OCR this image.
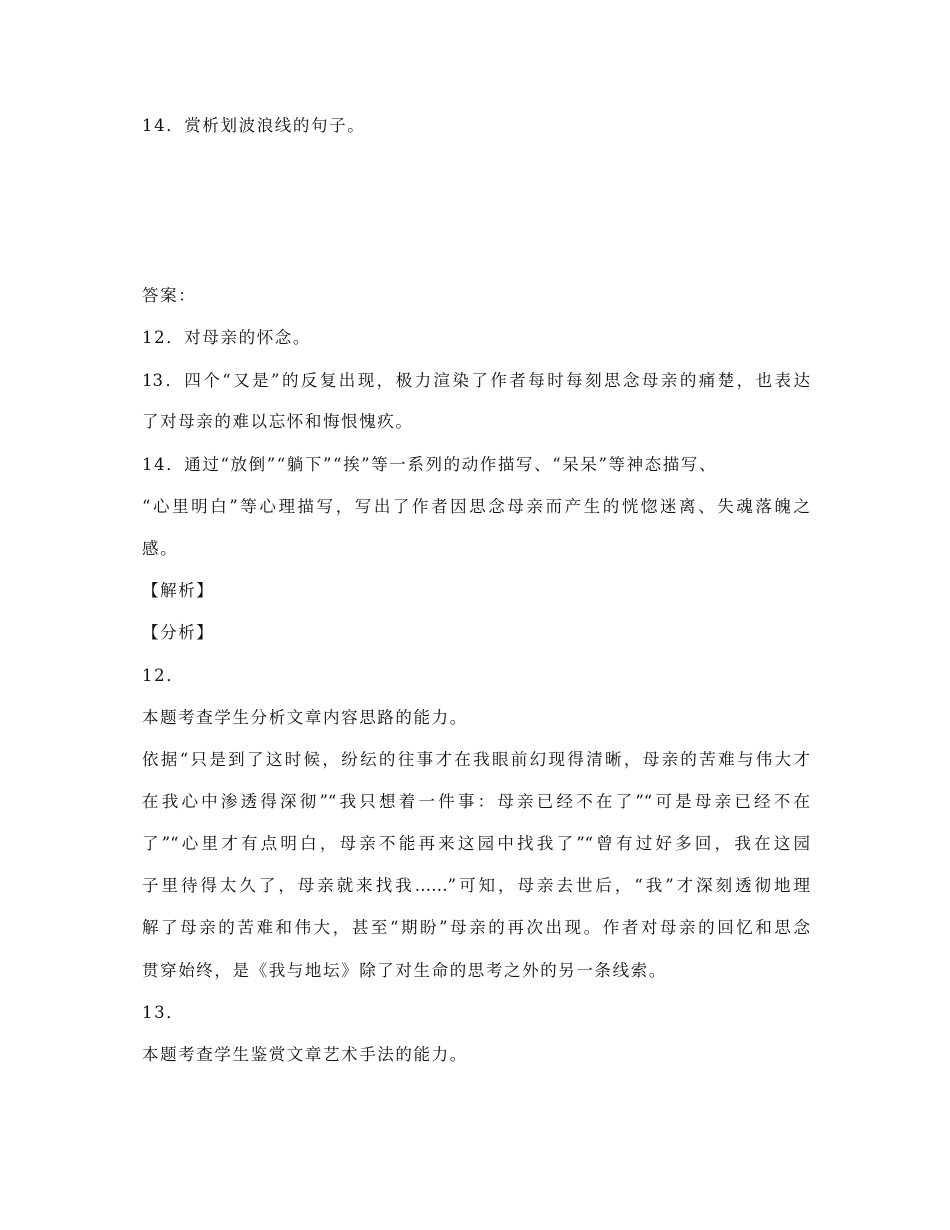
14．赏析划波浪线的句子。
答案：
12．对母亲的怀念。
13．四个“又是”的反复出现，极力渲染了作者每时每刻思念母亲的痛楚，也表达
了对母亲的难以忘怀和悔恨愧疚。
14．通过“放倒”“躺下”“挨”等一系列的动作描写、“呆呆”等神态描写、
“心里明白”等心理描写，写出了作者因思念母亲而产生的恍惚迷离、失魂落魄之
感。
【解析】
【分析】
12．
本题考查学生分析文章内容思路的能力。
依据“只是到了这时候，纷纭的往事才在我眼前幻现得清晰，母亲的苦难与伟大才
在我心中渗透得深彻”“我只想着一件事：母亲已经不在了”“可是母亲已经不在
了”“心里才有点明白，母亲不能再来这园中找我了”“曾有过好多回，我在这园
子里待得太久了，母亲就来找我……”可知，母亲去世后，“我”才深刻透彻地理
解了母亲的苦难和伟大，甚至“期盼”母亲的再次出现。作者对母亲的回忆和思念
贯穿始终，是《我与地坛》除了对生命的思考之外的另一条线索。
13．
本题考查学生鉴赏文章艺术手法的能力。
